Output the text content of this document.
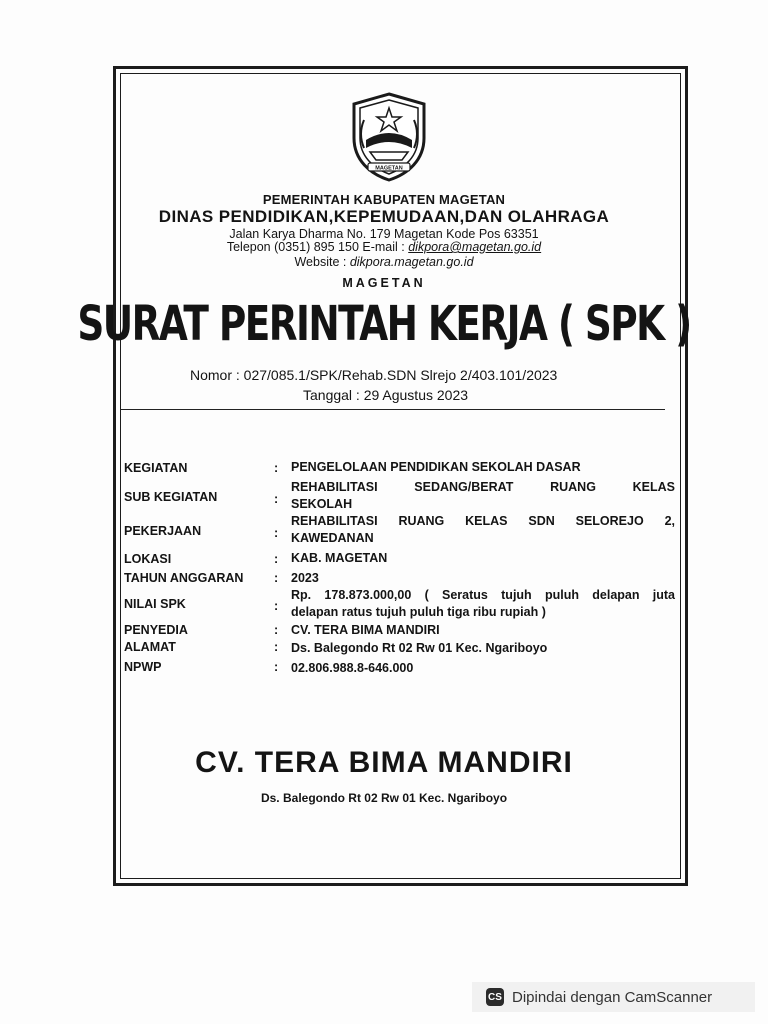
MAGETAN
PEMERINTAH KABUPATEN MAGETAN
DINAS PENDIDIKAN,KEPEMUDAAN,DAN OLAHRAGA
Jalan Karya Dharma No. 179 Magetan Kode Pos 63351
Telepon (0351) 895 150 E-mail : dikpora@magetan.go.id
Website : dikpora.magetan.go.id
MAGETAN
SURAT PERINTAH KERJA ( SPK )
Nomor : 027/085.1/SPK/Rehab.SDN Slrejo 2/403.101/2023
Tanggal : 29 Agustus 2023
KEGIATAN	: PENGELOLAAN PENDIDIKAN SEKOLAH DASAR
SUB KEGIATAN	:
REHABILITASI SEDANG/BERAT RUANG KELAS
SEKOLAH
PEKERJAAN	:
REHABILITASI RUANG KELAS SDN SELOREJO 2,
KAWEDANAN
LOKASI	: KAB. MAGETAN
TAHUN ANGGARAN : 2023
NILAI SPK	:
Rp. 178.873.000,00 ( Seratus tujuh puluh delapan juta
delapan ratus tujuh puluh tiga ribu rupiah )
PENYEDIA	: CV. TERA BIMA MANDIRI
ALAMAT	: Ds. Balegondo Rt 02 Rw 01 Kec. Ngariboyo
NPWP	: 02.806.988.8-646.000
CV. TERA BIMA MANDIRI
Ds. Balegondo Rt 02 Rw 01 Kec. Ngariboyo
CS Dipindai dengan CamScanner
